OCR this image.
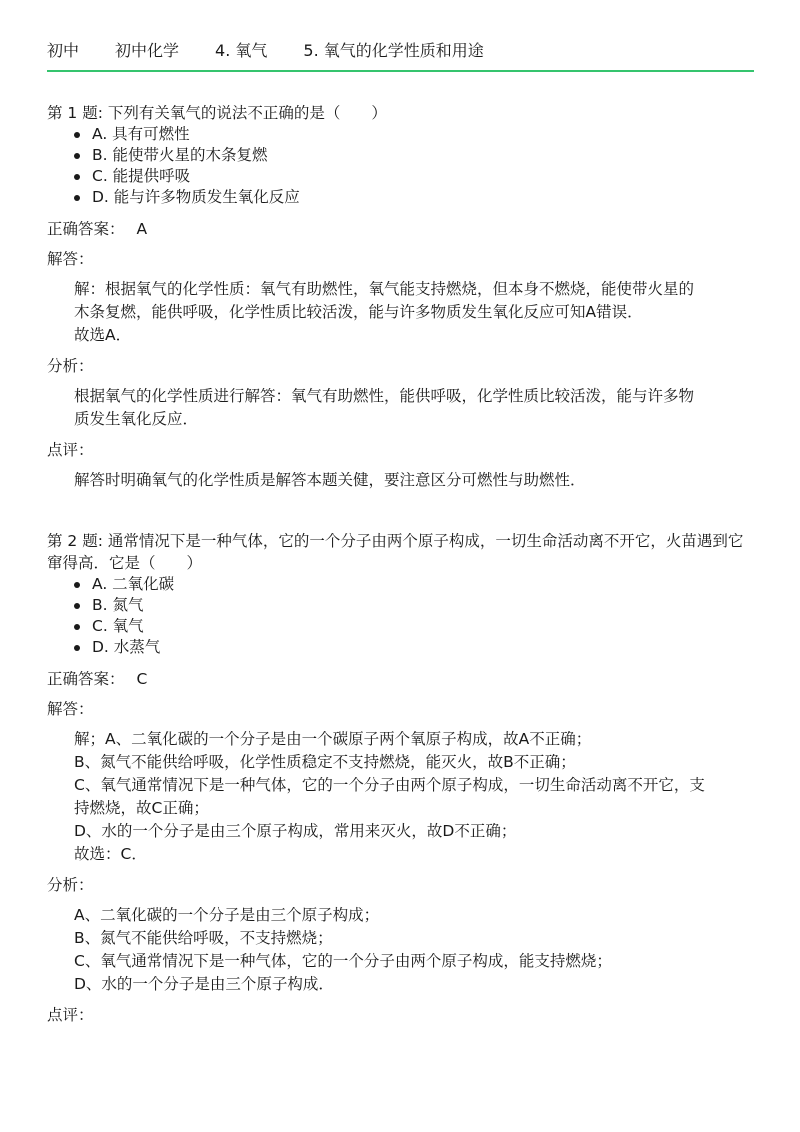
初中 初中化学 4. 氧气 5. 氧气的化学性质和用途

第 1 题: 下列有关氧气的说法不正确的是（　　）

A. 具有可燃性
B. 能使带火星的木条复燃
C. 能提供呼吸
D. 能与许多物质发生氧化反应
正确答案： A
解答：

解：根据氧气的化学性质：氧气有助燃性，氧气能支持燃烧，但本身不燃烧，能使带火星的

木条复燃，能供呼吸，化学性质比较活泼，能与许多物质发生氧化反应可知A错误．

故选A．

分析：

根据氧气的化学性质进行解答：氧气有助燃性，能供呼吸，化学性质比较活泼，能与许多物

质发生氧化反应．

点评：

解答时明确氧气的化学性质是解答本题关健，要注意区分可燃性与助燃性．

第 2 题: 通常情况下是一种气体，它的一个分子由两个原子构成，一切生命活动离不开它，火苗遇到它窜得高．它是（　　）

A. 二氧化碳
B. 氮气
C. 氧气
D. 水蒸气
正确答案： C
解答：

解；A、二氧化碳的一个分子是由一个碳原子两个氧原子构成，故A不正确；

B、氮气不能供给呼吸，化学性质稳定不支持燃烧，能灭火，故B不正确；

C、氧气通常情况下是一种气体，它的一个分子由两个原子构成，一切生命活动离不开它，支

持燃烧，故C正确；

D、水的一个分子是由三个原子构成，常用来灭火，故D不正确；

故选：C．

分析：

A、二氧化碳的一个分子是由三个原子构成；

B、氮气不能供给呼吸，不支持燃烧；

C、氧气通常情况下是一种气体，它的一个分子由两个原子构成，能支持燃烧；

D、水的一个分子是由三个原子构成．

点评：
